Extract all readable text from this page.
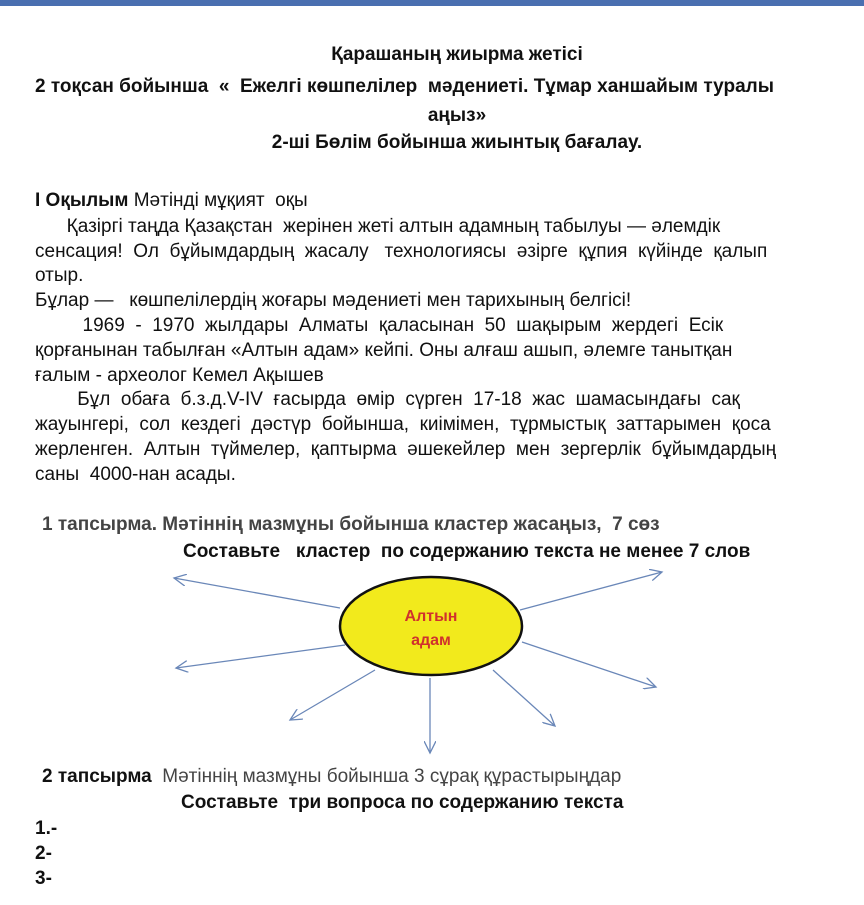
Қарашаның жиырма жетісі
2 тоқсан бойынша  «  Ежелгі көшпелілер  мәдениеті. Тұмар ханшайым туралы
аңыз»
2-ші Бөлім бойынша жиынтық бағалау.
І Оқылым Мәтінді мұқият  оқы
Қазіргі таңда Қазақстан  жерінен жеті алтын адамның табылуы — әлемдік
сенсация!  Ол  бұйымдардың  жасалу   технологиясы  әзірге  құпия  күйінде  қалып
отыр.
Бұлар —   көшпелілердің жоғары мәдениеті мен тарихының белгісі!
1969  -  1970  жылдары  Алматы  қаласынан  50  шақырым  жердегі  Есік
қорғанынан табылған «Алтын адам» кейпі. Оны алғаш ашып, әлемге танытқан
ғалым - археолог Кемел Ақышев
Бұл  обаға  б.з.д.V-IV  ғасырда  өмір  сүрген  17-18  жас  шамасындағы  сақ
жауынгері,  сол  кездегі  дәстүр  бойынша,  киімімен,  тұрмыстық  заттарымен  қоса
жерленген.  Алтын  түймелер,  қаптырма  әшекейлер  мен  зергерлік  бұйымдардың
саны  4000-нан асады.
1 тапсырма. Мәтіннің мазмұны бойынша кластер жасаңыз,  7 сөз
Составьте   кластер  по содержанию текста не менее 7 слов
Алтын
адам
2 тапсырма  Мәтіннің мазмұны бойынша 3 сұрақ құрастырыңдар
Составьте  три вопроса по содержанию текста
1.-
2-
3-
